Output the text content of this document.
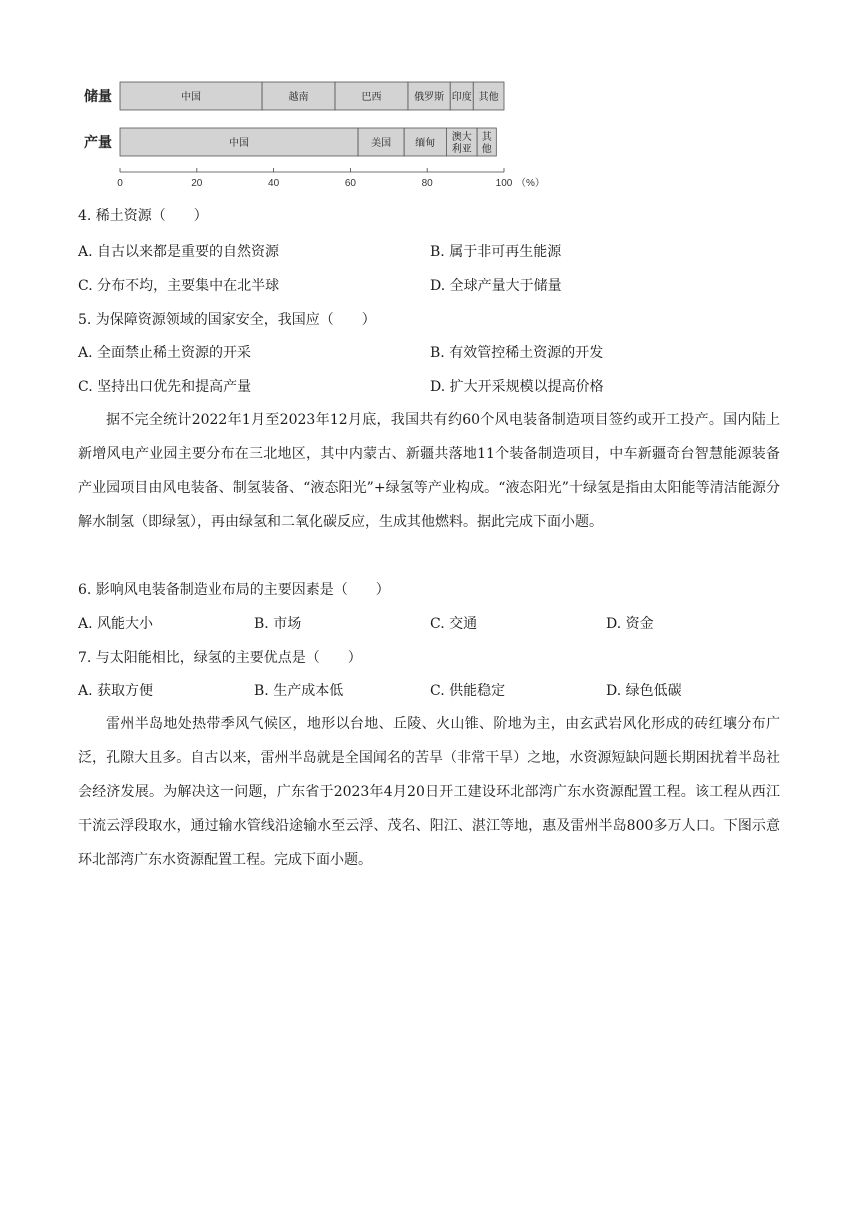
储量	中国	越南	巴西	俄罗斯 印度 其他
产量	中国	美国 缅甸
澳大利亚
其他
0	20	40	60	80	100 （%）
4. 稀土资源（　　）
A. 自古以来都是重要的自然资源	B. 属于非可再生能源
C. 分布不均，主要集中在北半球	D. 全球产量大于储量
5. 为保障资源领域的国家安全，我国应（　　）
A. 全面禁止稀土资源的开采	B. 有效管控稀土资源的开发
C. 坚持出口优先和提高产量	D. 扩大开采规模以提高价格

据不完全统计2022年1月至2023年12月底，我国共有约60个风电装备制造项目签约或开工投产。国内陆上新增风电产业园主要分布在三北地区，其中内蒙古、新疆共落地11个装备制造项目，中车新疆奇台智慧能源装备产业园项目由风电装备、制氢装备、“液态阳光”+绿氢等产业构成。“液态阳光”十绿氢是指由太阳能等清洁能源分解水制氢（即绿氢），再由绿氢和二氧化碳反应，生成其他燃料。据此完成下面小题。

6. 影响风电装备制造业布局的主要因素是（　　）
A. 风能大小	B. 市场	C. 交通	D. 资金
7. 与太阳能相比，绿氢的主要优点是（　　）
A. 获取方便	B. 生产成本低	C. 供能稳定	D. 绿色低碳

雷州半岛地处热带季风气候区，地形以台地、丘陵、火山锥、阶地为主，由玄武岩风化形成的砖红壤分布广泛，孔隙大且多。自古以来，雷州半岛就是全国闻名的苦旱（非常干旱）之地，水资源短缺问题长期困扰着半岛社会经济发展。为解决这一问题，广东省于2023年4月20日开工建设环北部湾广东水资源配置工程。该工程从西江干流云浮段取水，通过输水管线沿途输水至云浮、茂名、阳江、湛江等地，惠及雷州半岛800多万人口。下图示意环北部湾广东水资源配置工程。完成下面小题。
